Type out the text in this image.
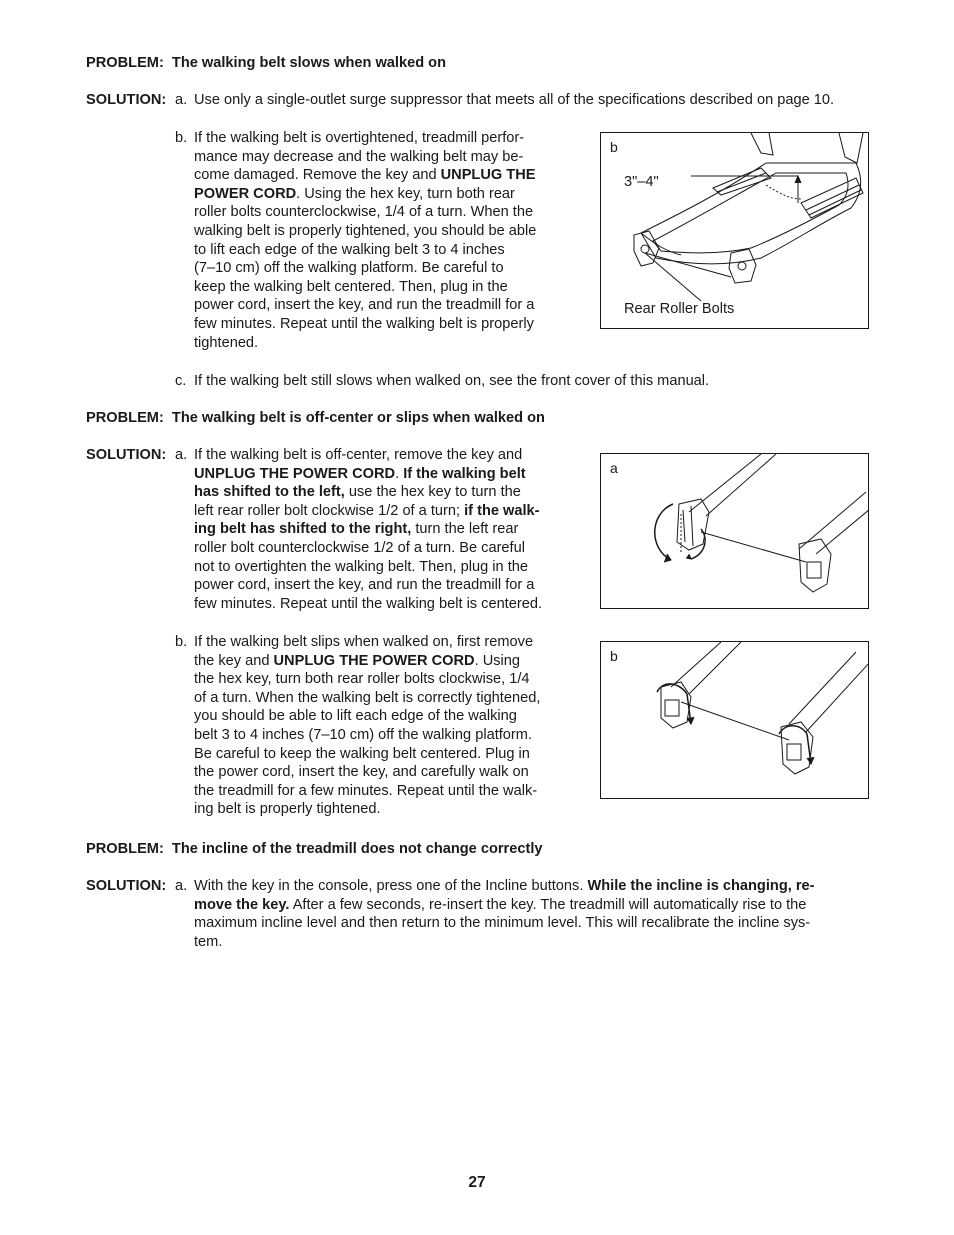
PROBLEM: The walking belt slows when walked on
SOLUTION: a. Use only a single-outlet surge suppressor that meets all of the specifications described on page 10.
b. If the walking belt is overtightened, treadmill perfor-
mance may decrease and the walking belt may be-
come damaged. Remove the key and UNPLUG THE
POWER CORD. Using the hex key, turn both rear
roller bolts counterclockwise, 1/4 of a turn. When the
walking belt is properly tightened, you should be able
to lift each edge of the walking belt 3 to 4 inches
(7–10 cm) off the walking platform. Be careful to
keep the walking belt centered. Then, plug in the
power cord, insert the key, and run the treadmill for a
few minutes. Repeat until the walking belt is properly
tightened.
b
3"–4"
Rear Roller Bolts
c. If the walking belt still slows when walked on, see the front cover of this manual.
PROBLEM: The walking belt is off-center or slips when walked on
SOLUTION: a. If the walking belt is off-center, remove the key and
UNPLUG THE POWER CORD. If the walking belt
has shifted to the left, use the hex key to turn the
left rear roller bolt clockwise 1/2 of a turn; if the walk-
ing belt has shifted to the right, turn the left rear
roller bolt counterclockwise 1/2 of a turn. Be careful
not to overtighten the walking belt. Then, plug in the
power cord, insert the key, and run the treadmill for a
few minutes. Repeat until the walking belt is centered.
a
b. If the walking belt slips when walked on, first remove
the key and UNPLUG THE POWER CORD. Using
the hex key, turn both rear roller bolts clockwise, 1/4
of a turn. When the walking belt is correctly tightened,
you should be able to lift each edge of the walking
belt 3 to 4 inches (7–10 cm) off the walking platform.
Be careful to keep the walking belt centered. Plug in
the power cord, insert the key, and carefully walk on
the treadmill for a few minutes. Repeat until the walk-
ing belt is properly tightened.
b
PROBLEM: The incline of the treadmill does not change correctly
SOLUTION: a. With the key in the console, press one of the Incline buttons. While the incline is changing, re-
move the key. After a few seconds, re-insert the key. The treadmill will automatically rise to the
maximum incline level and then return to the minimum level. This will recalibrate the incline sys-
tem.
27
